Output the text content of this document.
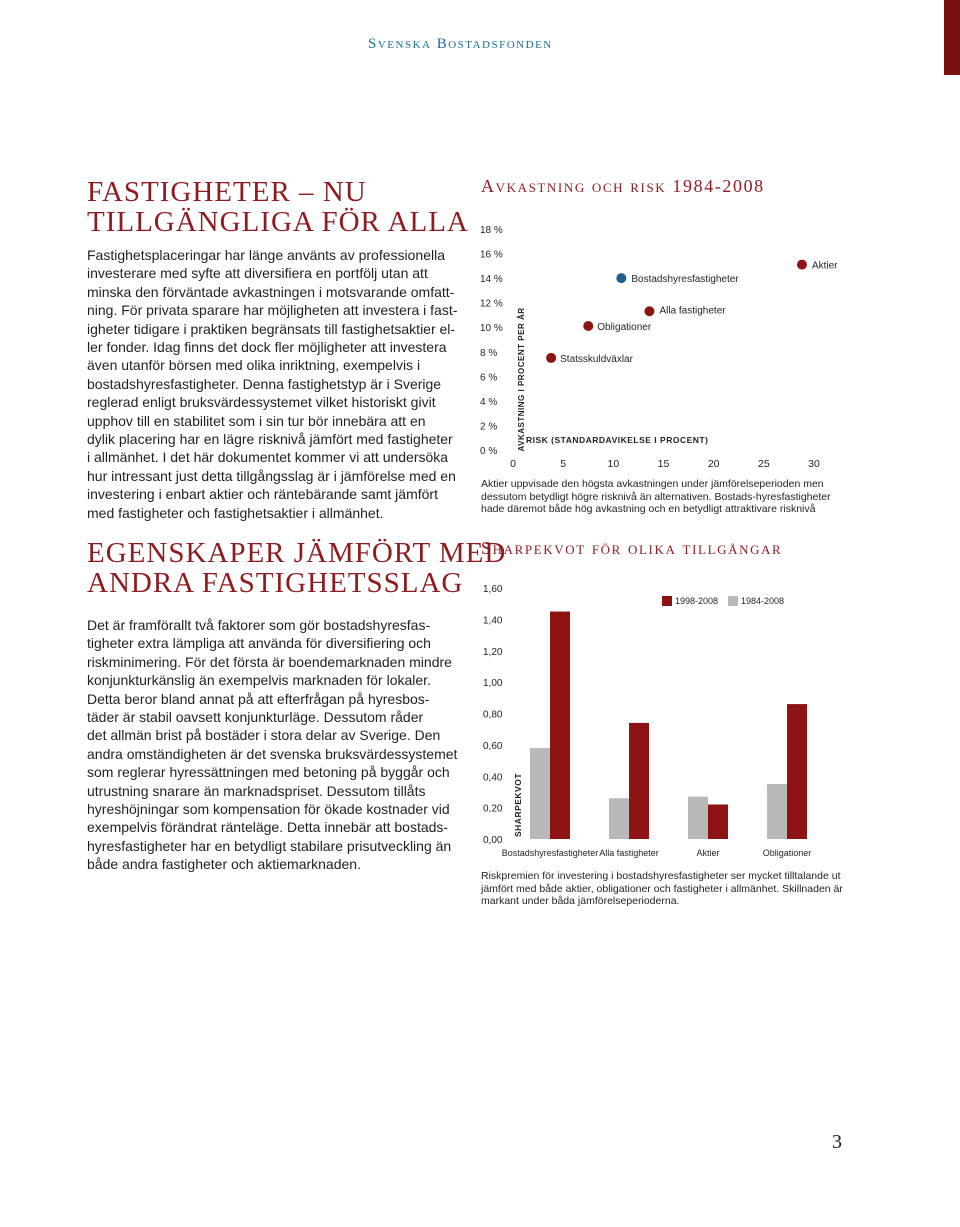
Svenska Bostadsfonden
FASTIGHETER – NU
TILLGÄNGLIGA FÖR ALLA
Fastighetsplaceringar har länge använts av professionella
investerare med syfte att diversifiera en portfölj utan att
minska den förväntade avkastningen i motsvarande omfatt-
ning. För privata sparare har möjligheten att investera i fast-
igheter tidigare i praktiken begränsats till fastighetsaktier el-
ler fonder. Idag finns det dock fler möjligheter att investera
även utanför börsen med olika inriktning, exempelvis i
bostadshyresfastigheter. Denna fastighetstyp är i Sverige
reglerad enligt bruksvärdessystemet vilket historiskt givit
upphov till en stabilitet som i sin tur bör innebära att en
dylik placering har en lägre risknivå jämfört med fastigheter
i allmänhet. I det här dokumentet kommer vi att undersöka
hur intressant just detta tillgångsslag är i jämförelse med en
investering i enbart aktier och räntebärande samt jämfört
med fastigheter och fastighetsaktier i allmänhet.
EGENSKAPER JÄMFÖRT MED
ANDRA FASTIGHETSSLAG
Det är framförallt två faktorer som gör bostadshyresfas-
tigheter extra lämpliga att använda för diversifiering och
riskminimering. För det första är boendemarknaden mindre
konjunkturkänslig än exempelvis marknaden för lokaler.
Detta beror bland annat på att efterfrågan på hyresbos-
täder är stabil oavsett konjunkturläge. Dessutom råder
det allmän brist på bostäder i stora delar av Sverige. Den
andra omständigheten är det svenska bruksvärdessystemet
som reglerar hyressättningen med betoning på byggår och
utrustning snarare än marknadspriset. Dessutom tillåts
hyreshöjningar som kompensation för ökade kostnader vid
exempelvis förändrat ränteläge. Detta innebär att bostads-
hyresfastigheter har en betydligt stabilare prisutveckling än
både andra fastigheter och aktiemarknaden.
Avkastning och risk 1984-2008
0 %
2 %
4 %
6 %
8 %
10 %
12 %
14 %
16 %
18 %
0	5	10	15	20	25	30
AVKASTNING I PROCENT PER ÅR RISK (STANDARDAVIKELSE I PROCENT)
Aktier
Bostadshyresfastigheter
Alla fastigheter
Obligationer
Statsskuldväxlar
Aktier uppvisade den högsta avkastningen under jämförelseperioden men
dessutom betydligt högre risknivå än alternativen. Bostads-hyresfastigheter
hade däremot både hög avkastning och en betydligt attraktivare risknivå
Sharpekvot för olika tillgångar
0,00
0,20
0,40
0,60
0,80
1,00
1,20
1,40
1,60
SHARPEKVOT
Bostadshyresfastigheter Alla fastigheter	Aktier	Obligationer
1998-2008	1984-2008
Riskpremien för investering i bostadshyresfastigheter ser mycket tilltalande ut
jämfört med både aktier, obligationer och fastigheter i allmänhet. Skillnaden är
markant under båda jämförelseperioderna.
3
